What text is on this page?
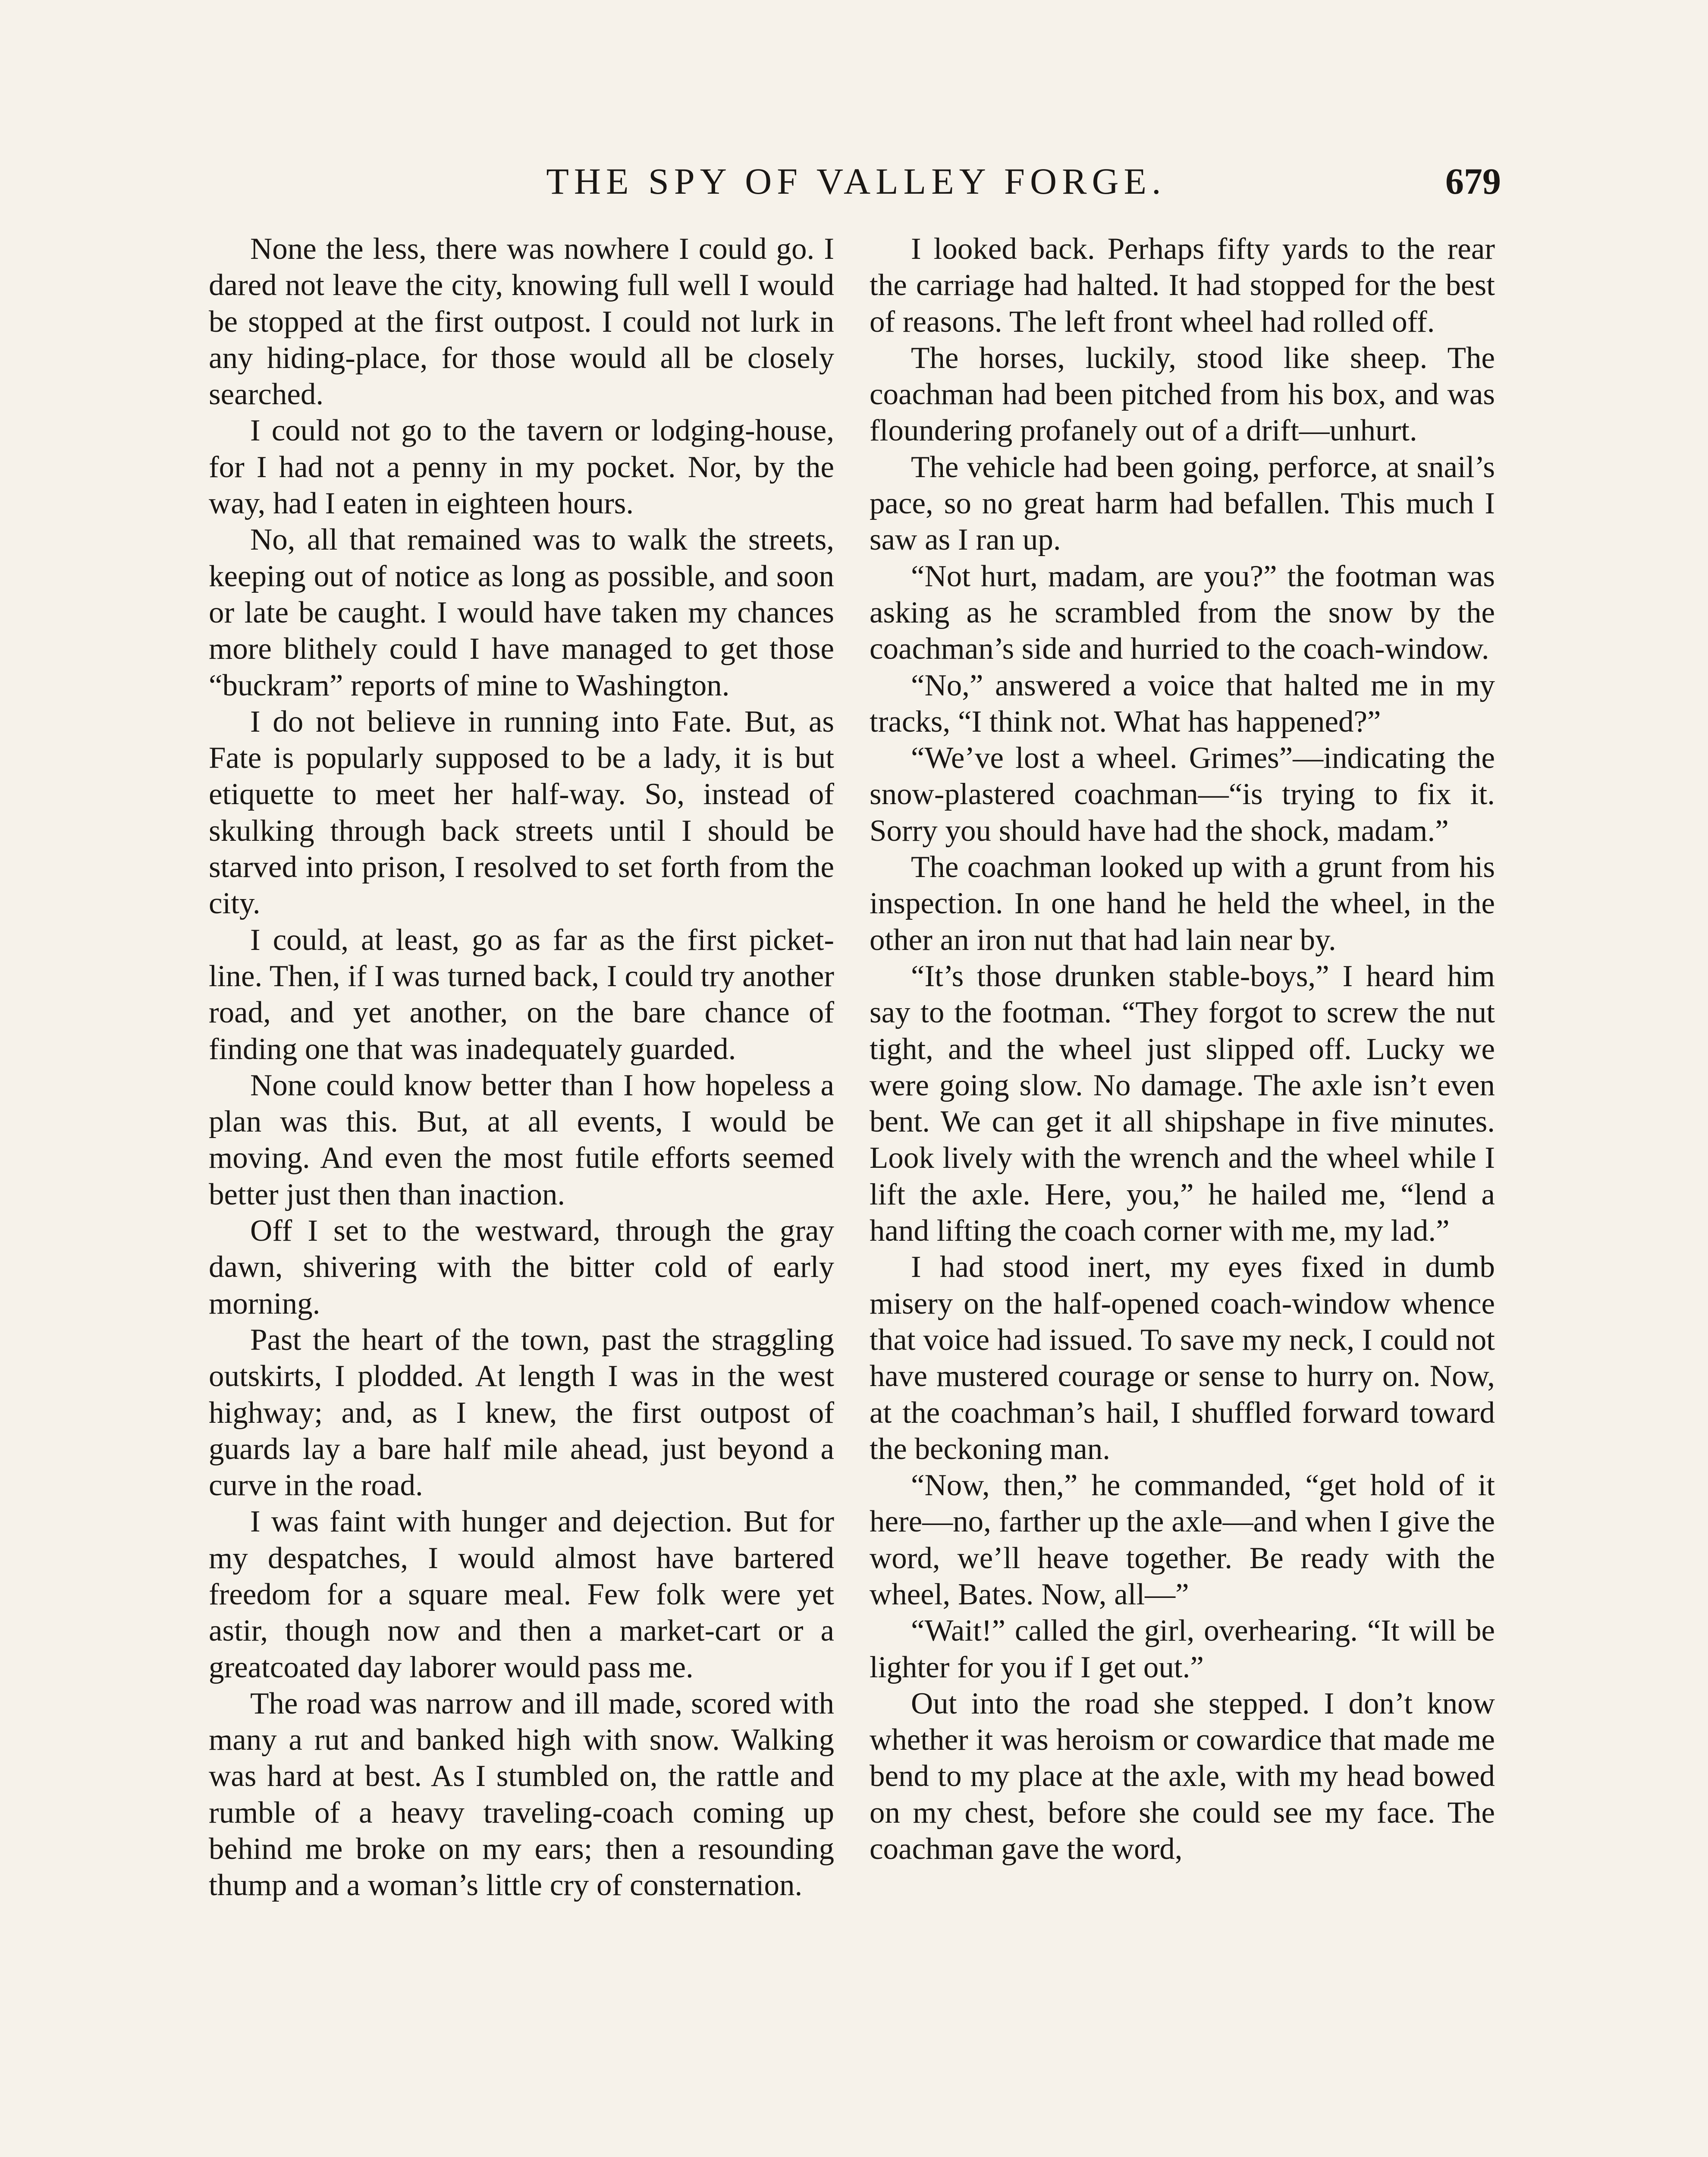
THE SPY OF VALLEY FORGE.	679

None the less, there was nowhere I could go. I dared not leave the city, knowing full well I would be stopped at the first outpost. I could not lurk in any hiding-place, for those would all be closely searched.

I could not go to the tavern or lodging-house, for I had not a penny in my pocket. Nor, by the way, had I eaten in eighteen hours.

No, all that remained was to walk the streets, keeping out of notice as long as possible, and soon or late be caught. I would have taken my chances more blithely could I have managed to get those “buckram” reports of mine to Washington.

I do not believe in running into Fate. But, as Fate is popularly supposed to be a lady, it is but etiquette to meet her half-way. So, instead of skulking through back streets until I should be starved into prison, I resolved to set forth from the city.

I could, at least, go as far as the first picket-line. Then, if I was turned back, I could try another road, and yet another, on the bare chance of finding one that was inadequately guarded.

None could know better than I how hopeless a plan was this. But, at all events, I would be moving. And even the most futile efforts seemed better just then than inaction.

Off I set to the westward, through the gray dawn, shivering with the bitter cold of early morning.

Past the heart of the town, past the straggling outskirts, I plodded. At length I was in the west highway; and, as I knew, the first outpost of guards lay a bare half mile ahead, just beyond a curve in the road.

I was faint with hunger and dejection. But for my despatches, I would almost have bartered freedom for a square meal. Few folk were yet astir, though now and then a market-cart or a greatcoated day laborer would pass me.

The road was narrow and ill made, scored with many a rut and banked high with snow. Walking was hard at best. As I stumbled on, the rattle and rumble of a heavy traveling-coach coming up behind me broke on my ears; then a resounding thump and a woman’s little cry of consternation.

I looked back. Perhaps fifty yards to the rear the carriage had halted. It had stopped for the best of reasons. The left front wheel had rolled off.

The horses, luckily, stood like sheep. The coachman had been pitched from his box, and was floundering profanely out of a drift—unhurt.

The vehicle had been going, perforce, at snail’s pace, so no great harm had befallen. This much I saw as I ran up.

“Not hurt, madam, are you?” the footman was asking as he scrambled from the snow by the coachman’s side and hurried to the coach-window.

“No,” answered a voice that halted me in my tracks, “I think not. What has happened?”

“We’ve lost a wheel. Grimes”—indicating the snow-plastered coachman—“is trying to fix it. Sorry you should have had the shock, madam.”

The coachman looked up with a grunt from his inspection. In one hand he held the wheel, in the other an iron nut that had lain near by.

“It’s those drunken stable-boys,” I heard him say to the footman. “They forgot to screw the nut tight, and the wheel just slipped off. Lucky we were going slow. No damage. The axle isn’t even bent. We can get it all shipshape in five minutes. Look lively with the wrench and the wheel while I lift the axle. Here, you,” he hailed me, “lend a hand lifting the coach corner with me, my lad.”

I had stood inert, my eyes fixed in dumb misery on the half-opened coach-window whence that voice had issued. To save my neck, I could not have mustered courage or sense to hurry on. Now, at the coachman’s hail, I shuffled forward toward the beckoning man.

“Now, then,” he commanded, “get hold of it here—no, farther up the axle—and when I give the word, we’ll heave together. Be ready with the wheel, Bates. Now, all—”

“Wait!” called the girl, overhearing. “It will be lighter for you if I get out.”

Out into the road she stepped. I don’t know whether it was heroism or cowardice that made me bend to my place at the axle, with my head bowed on my chest, before she could see my face. The coachman gave the word,
